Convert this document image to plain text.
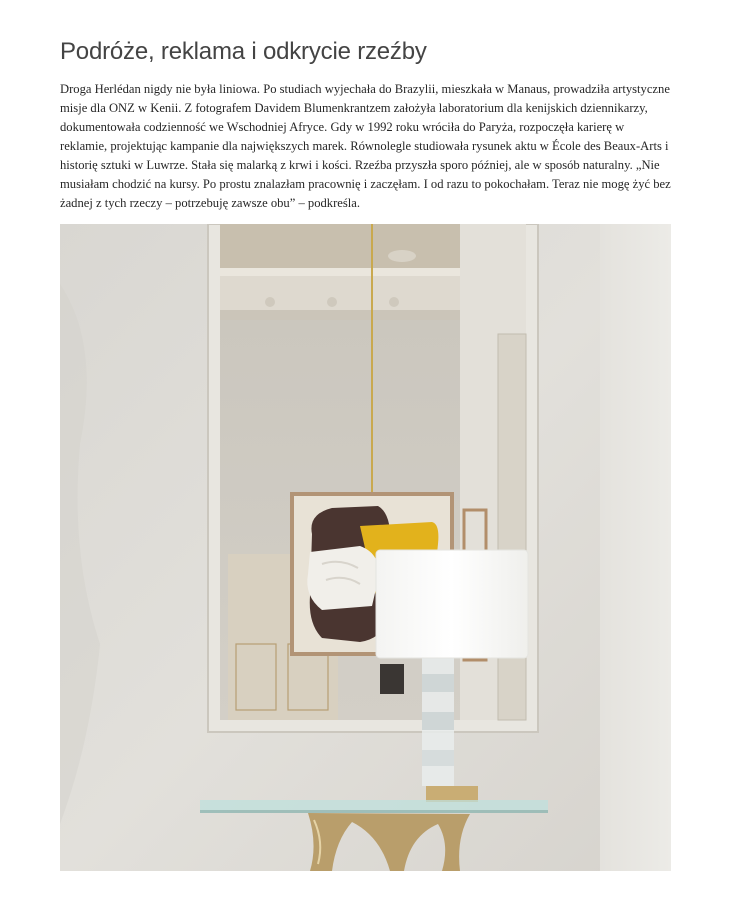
Podróże, reklama i odkrycie rzeźby

Droga Herlédan nigdy nie była liniowa. Po studiach wyjechała do Brazylii, mieszkała w Manaus, prowadziła artystyczne misje dla ONZ w Kenii. Z fotografem Davidem Blumenkrantzem założyła laboratorium dla kenijskich dziennikarzy, dokumentowała codzienność we Wschodniej Afryce. Gdy w 1992 roku wróciła do Paryża, rozpoczęła karierę w reklamie, projektując kampanie dla największych marek. Równolegle studiowała rysunek aktu w École des Beaux-Arts i historię sztuki w Luwrze. Stała się malarką z krwi i kości. Rzeźba przyszła sporo później, ale w sposób naturalny. „Nie musiałam chodzić na kursy. Po prostu znalazłam pracownię i zaczęłam. I od razu to pokochałam. Teraz nie mogę żyć bez żadnej z tych rzeczy – potrzebuję zawsze obu” – podkreśla.
